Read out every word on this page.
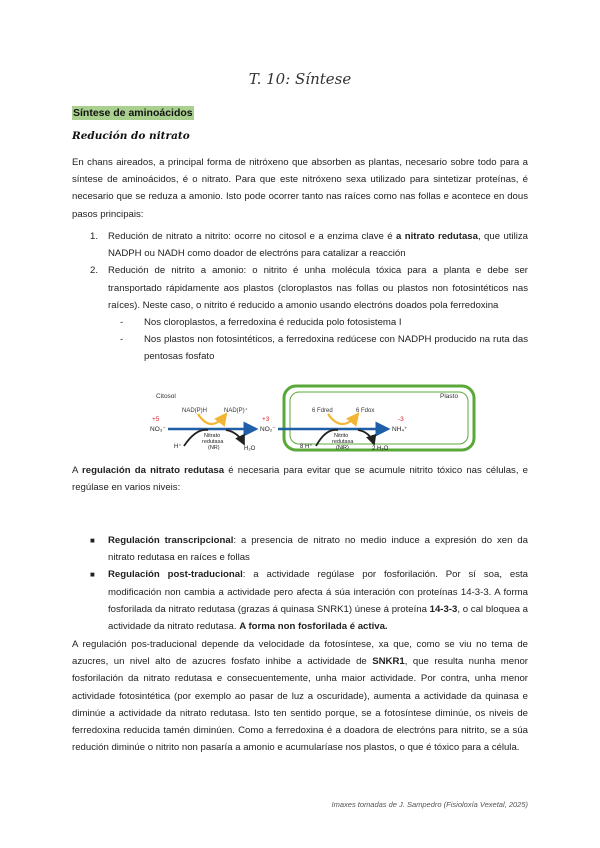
T. 10: Síntese
Síntese de aminoácidos
Redución do nitrato

En chans aireados, a principal forma de nitróxeno que absorben as plantas, necesario sobre todo para a síntese de aminoácidos, é o nitrato. Para que este nitróxeno sexa utilizado para sintetizar proteínas, é necesario que se reduza a amonio. Isto pode ocorrer tanto nas raíces como nas follas e acontece en dous pasos principais:

1. Redución de nitrato a nitrito: ocorre no citosol e a enzima clave é a nitrato redutasa, que utiliza NADPH ou NADH como doador de electróns para catalizar a reacción
2. Redución de nitrito a amonio: o nitrito é unha molécula tóxica para a planta e debe ser transportado rápidamente aos plastos (cloroplastos nas follas ou plastos non fotosintéticos nas raíces). Neste caso, o nitrito é reducido a amonio usando electróns doados pola ferredoxina
- Nos cloroplastos, a ferredoxina é reducida polo fotosistema I
- Nos plastos non fotosintéticos, a ferredoxina redúcese con NADPH producido na ruta das pentosas fosfato
Citosol	Plasto
NAD(P)H	NAD(P)⁺	6 Fdred	6 Fdox
+5	+3	-3
NO₃⁻	NO₂⁻	NH₄⁺
Nitrato
redutasa
(NR)
Nitrito
redutasa
(NiR)
H⁺	H₂O	8 H⁺	2 H₂O

A regulación da nitrato redutasa é necesaria para evitar que se acumule nitrito tóxico nas células, e regúlase en varios niveis:

■ Regulación transcripcional: a presencia de nitrato no medio induce a expresión do xen da nitrato redutasa en raíces e follas
■ Regulación post-traducional: a actividade regúlase por fosforilación. Por sí soa, esta modificación non cambia a actividade pero afecta á súa interación con proteínas 14-3-3. A forma fosforilada da nitrato redutasa (grazas á quinasa SNRK1) únese á proteína 14-3-3, o cal bloquea a actividade da nitrato redutasa. A forma non fosforilada é activa.

A regulación pos-traducional depende da velocidade da fotosíntese, xa que, como se viu no tema de azucres, un nivel alto de azucres fosfato inhibe a actividade de SNKR1, que resulta nunha menor fosforilación da nitrato redutasa e consecuentemente, unha maior actividade. Por contra, unha menor actividade fotosintética (por exemplo ao pasar de luz a oscuridade), aumenta a actividade da quinasa e diminúe a actividade da nitrato redutasa. Isto ten sentido porque, se a fotosíntese diminúe, os niveis de ferredoxina reducida tamén diminúen. Como a ferredoxina é a doadora de electróns para nitrito, se a súa redución diminúe o nitrito non pasaría a amonio e acumularíase nos plastos, o que é tóxico para a célula.

Imaxes tomadas de J. Sampedro (Fisioloxía Vexetal, 2025)
